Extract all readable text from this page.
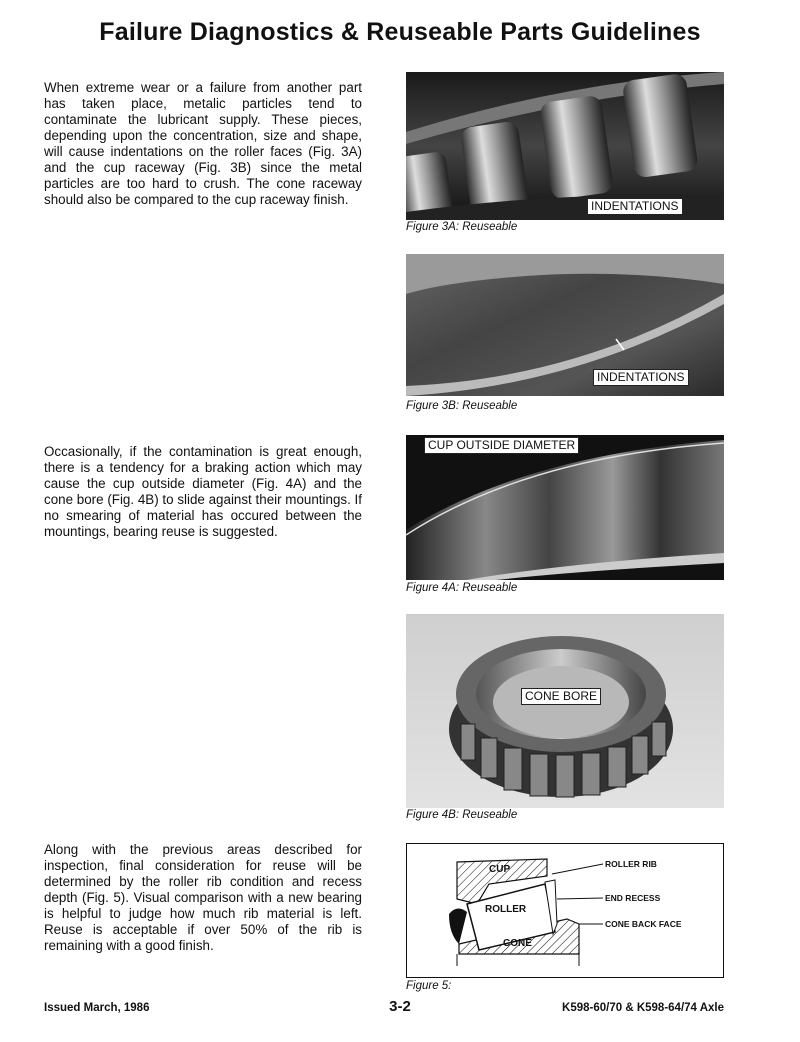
Failure Diagnostics & Reuseable Parts Guidelines

When extreme wear or a failure from another part has taken place, metalic particles tend to contaminate the lubricant supply. These pieces, depending upon the concentration, size and shape, will cause indentations on the roller faces (Fig. 3A) and the cup raceway (Fig. 3B) since the metal particles are too hard to crush. The cone raceway should also be compared to the cup raceway finish.

Occasionally, if the contamination is great enough, there is a tendency for a braking action which may cause the cup outside diameter (Fig. 4A) and the cone bore (Fig. 4B) to slide against their mountings. If no smearing of material has occured between the mountings, bearing reuse is suggested.

Along with the previous areas described for inspection, final consideration for reuse will be determined by the roller rib condition and recess depth (Fig. 5). Visual comparison with a new bearing is helpful to judge how much rib material is left. Reuse is acceptable if over 50% of the rib is remaining with a good finish.

INDENTATIONS
Figure 3A: Reuseable
INDENTATIONS
Figure 3B: Reuseable
CUP OUTSIDE DIAMETER
Figure 4A: Reuseable
CONE BORE
Figure 4B: Reuseable
CUP
ROLLER
CONE
ROLLER RIB
END RECESS
CONE BACK FACE
Figure 5:
Issued March, 1986	3-2	K598-60/70 & K598-64/74 Axle
